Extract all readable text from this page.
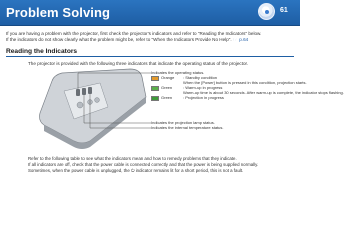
Problem Solving	61
If you are having a problem with the projector, first check the projector's indicators and refer to "Reading the Indicators" below.
If the indicators do not show clearly what the problem might be, refer to "When the Indicators Provide No Help". ☞ p.64
Reading the Indicators
The projector is provided with the following three indicators that indicate the operating status of the projector.
Indicates the operating status.
Orange : Standby condition
When the [Power] button is pressed in this condition, projection starts.
Green	: Warm-up in progress
Warm-up time is about 30 seconds. After warm-up is complete, the indicator stops flashing.
Green	: Projection in progress
Indicates the projection lamp status.
Indicates the internal temperature status.
Refer to the following table to see what the indicators mean and how to remedy problems that they indicate.
If all indicators are off, check that the power cable is connected correctly and that the power is being supplied normally.
Sometimes, when the power cable is unplugged, the ⏻ indicator remains lit for a short period, this is not a fault.
